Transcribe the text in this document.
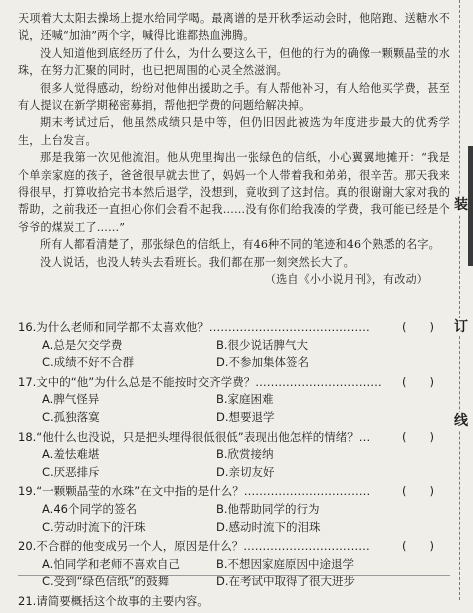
天项着大太阳去操场上提水给同学喝。最离谱的是开秋季运动会时，他陪跑、送糖水不说，还喊“加油”两个字，喊得比谁都热血沸腾。

没人知道他到底经历了什么，为什么要这么干，但他的行为的确像一颗颗晶莹的水珠，在努力汇聚的同时，也已把周围的心灵全然滋润。

很多人觉得感动，纷纷对他伸出援助之手。有人帮他补习，有人给他买学费，甚至有人提议在新学期秘密募捐，帮他把学费的问题给解决掉。

期末考试过后，他虽然成绩只是中等，但仍旧因此被选为年度进步最大的优秀学生，上台发言。

那是我第一次见他流泪。他从兜里掏出一张绿色的信纸，小心翼翼地摊开：“我是个单亲家庭的孩子，爸爸很早就去世了，妈妈一个人带着我和弟弟，很辛苦。那天我来得很早，打算收拾完书本然后退学，没想到，竟收到了这封信。真的很谢谢大家对我的帮助，之前我还一直担心你们会看不起我……没有你们给我凑的学费，我可能已经是个爷爷的煤炭工了……”

所有人都看清楚了，那张绿色的信纸上，有46种不同的笔迹和46个熟悉的名字。

没人说话，也没人转头去看班长。我们都在那一刻突然长大了。

（选自《小小说月刊》，有改动）

16.为什么老师和同学都不太喜欢他？……………………………………	(　　)
A.总是欠交学费	B.很少说话脾气大
C.成绩不好不合群	D.不参加集体签名
17.文中的“他”为什么总是不能按时交齐学费？…………………………… (　　)
A.脾气怪异	B.家庭困难
C.孤独落寞	D.想要退学
18.“他什么也没说，只是把头埋得很低很低”表现出他怎样的情绪？…	(　　)
A.羞怯难堪	B.欣赏接纳
C.厌恶排斥	D.亲切友好
19.“一颗颗晶莹的水珠”在文中指的是什么？……………………………	(　　)
A.46个同学的签名	B.他帮助同学的行为
C.劳动时流下的汗珠	D.感动时流下的泪珠
20.不合群的他变成另一个人，原因是什么？……………………………	(　　)
A.怕同学和老师不喜欢自己	B.不想因家庭原因中途退学
C.受到“绿色信纸”的鼓舞	D.在考试中取得了很大进步
21.请简要概括这个故事的主要内容。
装
订
线
